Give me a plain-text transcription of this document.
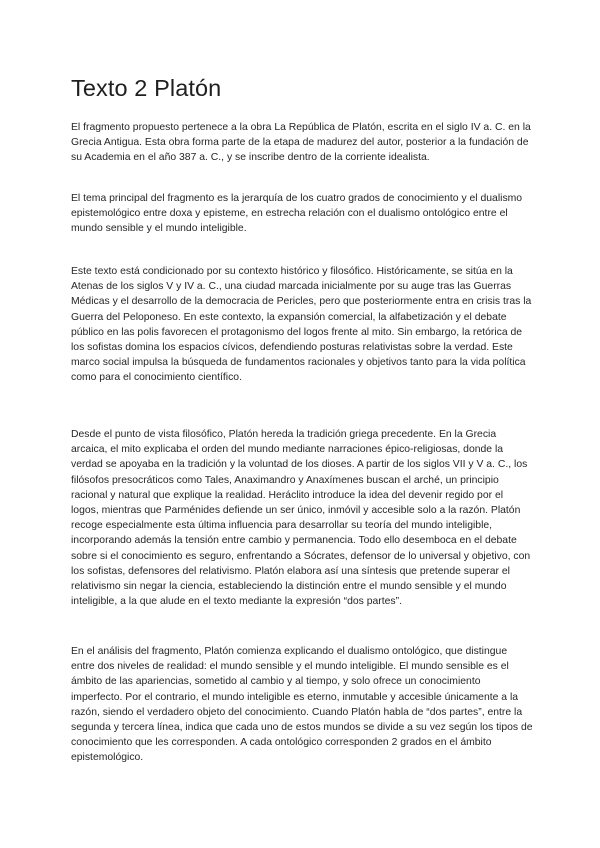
Texto 2 Platón

El fragmento propuesto pertenece a la obra La República de Platón, escrita en el siglo IV a. C. en la Grecia Antigua. Esta obra forma parte de la etapa de madurez del autor, posterior a la fundación de su Academia en el año 387 a. C., y se inscribe dentro de la corriente idealista.

El tema principal del fragmento es la jerarquía de los cuatro grados de conocimiento y el dualismo epistemológico entre doxa y episteme, en estrecha relación con el dualismo ontológico entre el mundo sensible y el mundo inteligible.

Este texto está condicionado por su contexto histórico y filosófico. Históricamente, se sitúa en la Atenas de los siglos V y IV a. C., una ciudad marcada inicialmente por su auge tras las Guerras Médicas y el desarrollo de la democracia de Pericles, pero que posteriormente entra en crisis tras la Guerra del Peloponeso. En este contexto, la expansión comercial, la alfabetización y el debate público en las polis favorecen el protagonismo del logos frente al mito. Sin embargo, la retórica de los sofistas domina los espacios cívicos, defendiendo posturas relativistas sobre la verdad. Este marco social impulsa la búsqueda de fundamentos racionales y objetivos tanto para la vida política como para el conocimiento científico.

Desde el punto de vista filosófico, Platón hereda la tradición griega precedente. En la Grecia arcaica, el mito explicaba el orden del mundo mediante narraciones épico-religiosas, donde la verdad se apoyaba en la tradición y la voluntad de los dioses. A partir de los siglos VII y V a. C., los filósofos presocráticos como Tales, Anaximandro y Anaxímenes buscan el arché, un principio racional y natural que explique la realidad. Heráclito introduce la idea del devenir regido por el logos, mientras que Parménides defiende un ser único, inmóvil y accesible solo a la razón. Platón recoge especialmente esta última influencia para desarrollar su teoría del mundo inteligible, incorporando además la tensión entre cambio y permanencia. Todo ello desemboca en el debate sobre si el conocimiento es seguro, enfrentando a Sócrates, defensor de lo universal y objetivo, con los sofistas, defensores del relativismo. Platón elabora así una síntesis que pretende superar el relativismo sin negar la ciencia, estableciendo la distinción entre el mundo sensible y el mundo inteligible, a la que alude en el texto mediante la expresión “dos partes”.

En el análisis del fragmento, Platón comienza explicando el dualismo ontológico, que distingue entre dos niveles de realidad: el mundo sensible y el mundo inteligible. El mundo sensible es el ámbito de las apariencias, sometido al cambio y al tiempo, y solo ofrece un conocimiento imperfecto. Por el contrario, el mundo inteligible es eterno, inmutable y accesible únicamente a la razón, siendo el verdadero objeto del conocimiento. Cuando Platón habla de “dos partes”, entre la segunda y tercera línea, indica que cada uno de estos mundos se divide a su vez según los tipos de conocimiento que les corresponden. A cada ontológico corresponden 2 grados en el ámbito epistemológico.
